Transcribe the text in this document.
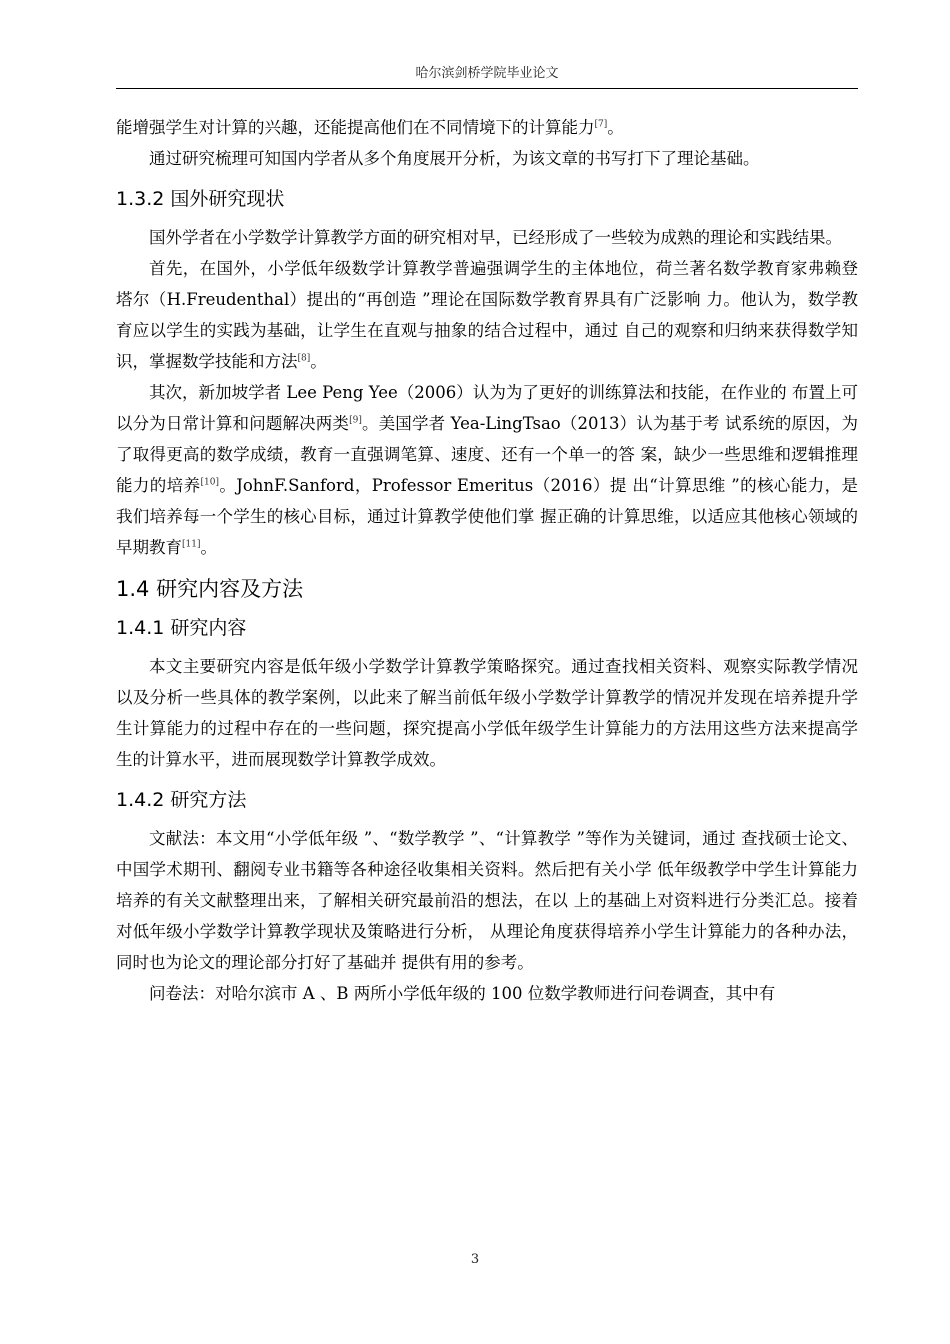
哈尔滨剑桥学院毕业论文

能增强学生对计算的兴趣，还能提高他们在不同情境下的计算能力[7]。

通过研究梳理可知国内学者从多个角度展开分析，为该文章的书写打下了理论基础。

1.3.2 国外研究现状

国外学者在小学数学计算教学方面的研究相对早，已经形成了一些较为成熟的理论和实践结果。

首先，在国外，小学低年级数学计算教学普遍强调学生的主体地位，荷兰著名数学教育家弗赖登塔尔（H.Freudenthal）提出的“再创造 ”理论在国际数学教育界具有广泛影响 力。他认为，数学教育应以学生的实践为基础，让学生在直观与抽象的结合过程中，通过 自己的观察和归纳来获得数学知识，掌握数学技能和方法[8]。

其次，新加坡学者 Lee Peng Yee（2006）认为为了更好的训练算法和技能，在作业的 布置上可以分为日常计算和问题解决两类[9]。美国学者 Yea-LingTsao（2013）认为基于考 试系统的原因，为了取得更高的数学成绩，教育一直强调笔算、速度、还有一个单一的答 案，缺少一些思维和逻辑推理能力的培养[10]。JohnF.Sanford，Professor Emeritus（2016）提 出“计算思维 ”的核心能力，是我们培养每一个学生的核心目标，通过计算教学使他们掌 握正确的计算思维，以适应其他核心领域的早期教育[11]。

1.4 研究内容及方法
1.4.1 研究内容

本文主要研究内容是低年级小学数学计算教学策略探究。通过查找相关资料、观察实际教学情况以及分析一些具体的教学案例，以此来了解当前低年级小学数学计算教学的情况并发现在培养提升学生计算能力的过程中存在的一些问题，探究提高小学低年级学生计算能力的方法用这些方法来提高学生的计算水平，进而展现数学计算教学成效。

1.4.2 研究方法

文献法：本文用“小学低年级 ”、“数学教学 ”、“计算教学 ”等作为关键词，通过 查找硕士论文、中国学术期刊、翻阅专业书籍等各种途径收集相关资料。然后把有关小学 低年级教学中学生计算能力培养的有关文献整理出来，了解相关研究最前沿的想法，在以 上的基础上对资料进行分类汇总。接着对低年级小学数学计算教学现状及策略进行分析， 从理论角度获得培养小学生计算能力的各种办法，同时也为论文的理论部分打好了基础并 提供有用的参考。

问卷法：对哈尔滨市 A 、B 两所小学低年级的 100 位数学教师进行问卷调查，其中有

3
